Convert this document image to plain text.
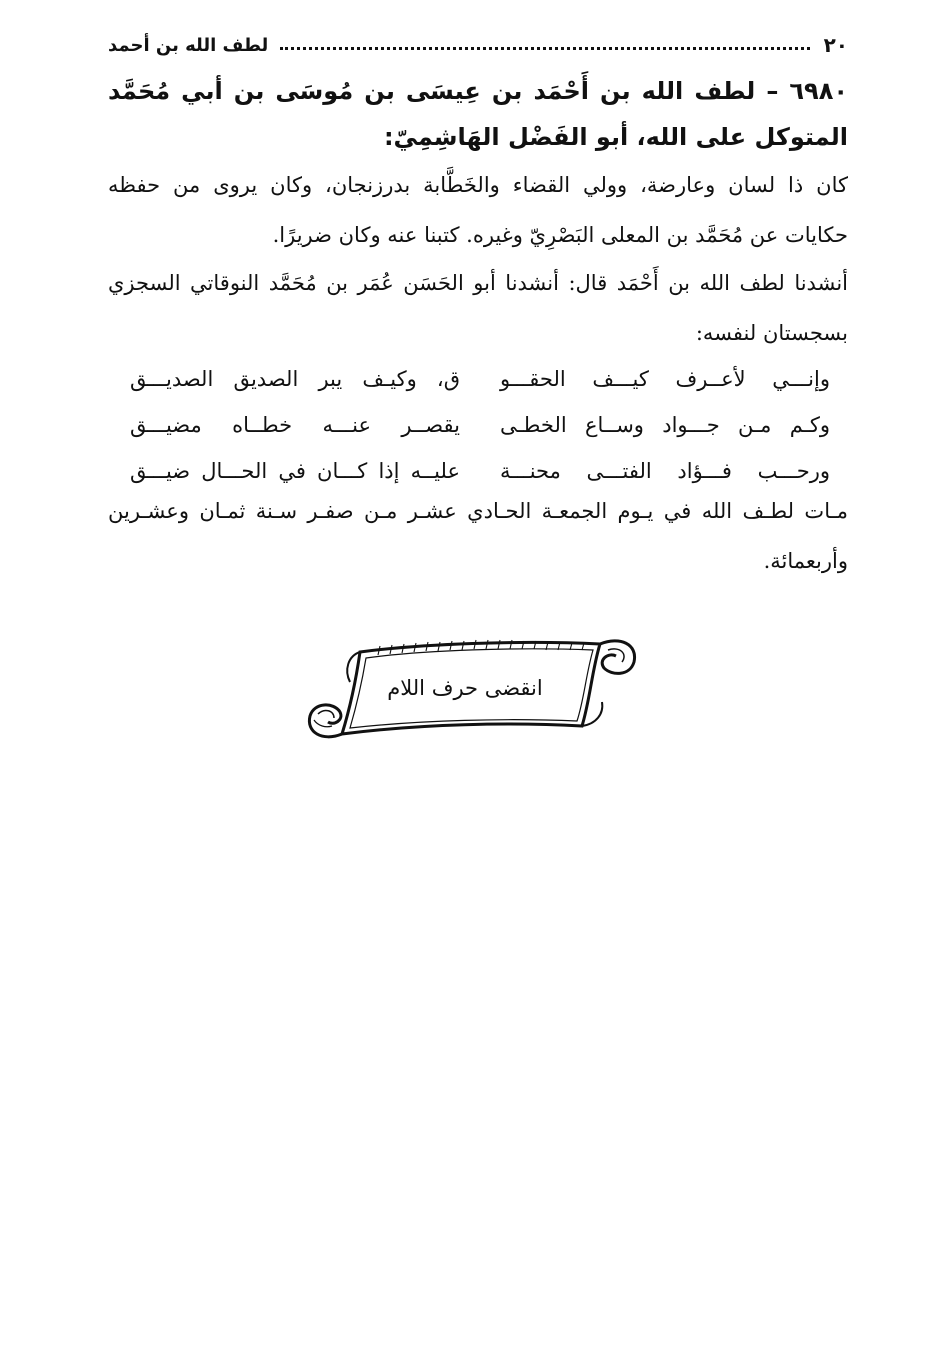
٢٠
لطف الله بن أحمد
٦٩٨٠ – لطف الله بن أَحْمَد بن عِيسَى بن مُوسَى بن أبي مُحَمَّد المتوكل على الله، أبو الفَضْل الهَاشِمِيّ:
كان ذا لسان وعارضة، وولي القضاء والخَطَّابة بدرزنجان، وكان يروى من حفظه حكايات عن مُحَمَّد بن المعلى البَصْرِيّ وغيره. كتبنا عنه وكان ضريرًا.
أنشدنا لطف الله بن أَحْمَد قال: أنشدنا أبو الحَسَن عُمَر بن مُحَمَّد النوقاتي السجزي بسجستان لنفسه:
وإنـــي لأعــرف كيـــف الحقـــو
ق، وكيـف يبر الصديق الصديـــق
وكـم مـن جـــواد وســاع الخطـى
يقصــر عنـــه خطــاه مضيـــق
ورحـــب فـــؤاد الفتـــى محنـــة
عليــه إذا كـــان في الحـــال ضيـــق
مـات لطـف الله في يـوم الجمعـة الحـادي عشـر مـن صفـر سـنة ثمـان وعشـرين وأربعمائة.
انقضى حرف اللام
